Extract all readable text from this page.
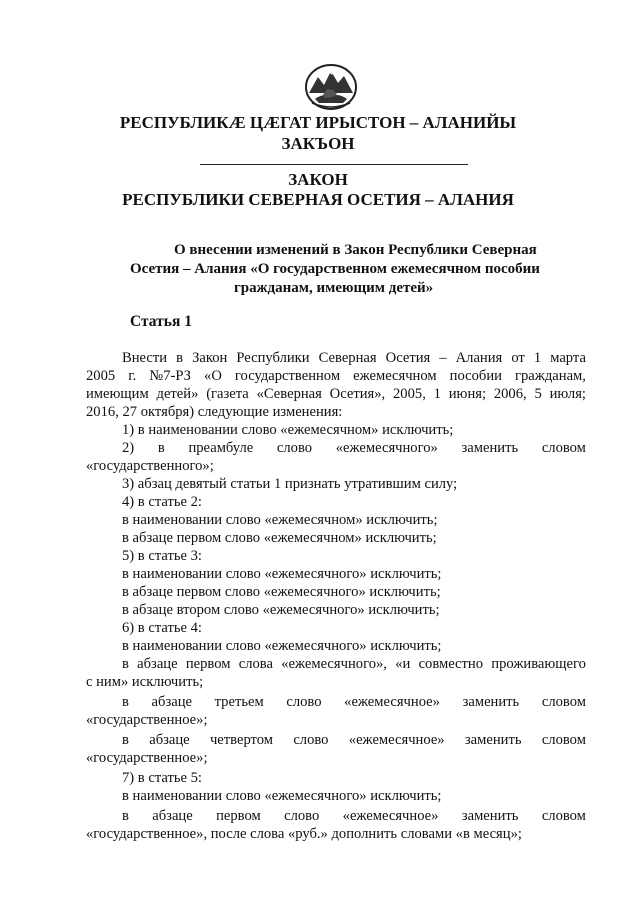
РЕСПУБЛИКӔ ЦӔГАТ ИРЫСТОН – АЛАНИЙЫ
ЗАКЪОН
ЗАКОН
РЕСПУБЛИКИ СЕВЕРНАЯ ОСЕТИЯ – АЛАНИЯ
О внесении изменений в Закон Республики Северная
Осетия – Алания «О государственном ежемесячном пособии
гражданам, имеющим детей»
Статья 1
Внести в Закон Республики Северная Осетия – Алания от 1 марта
2005 г. №7-РЗ «О государственном ежемесячном пособии гражданам,
имеющим детей» (газета «Северная Осетия», 2005, 1 июня; 2006, 5 июля;
2016, 27 октября) следующие изменения:
1) в наименовании слово «ежемесячном» исключить;
2) в преамбуле слово «ежемесячного» заменить словом
«государственного»;
3) абзац девятый статьи 1 признать утратившим силу;
4) в статье 2:
в наименовании слово «ежемесячном» исключить;
в абзаце первом слово «ежемесячном» исключить;
5) в статье 3:
в наименовании слово «ежемесячного» исключить;
в абзаце первом слово «ежемесячного» исключить;
в абзаце втором слово «ежемесячного» исключить;
6) в статье 4:
в наименовании слово «ежемесячного» исключить;
в абзаце первом слова «ежемесячного», «и совместно проживающего
с ним» исключить;
в абзаце третьем слово «ежемесячное» заменить словом
«государственное»;
в абзаце четвертом слово «ежемесячное» заменить словом
«государственное»;
7) в статье 5:
в наименовании слово «ежемесячного» исключить;
в абзаце первом слово «ежемесячное» заменить словом
«государственное», после слова «руб.» дополнить словами «в месяц»;
